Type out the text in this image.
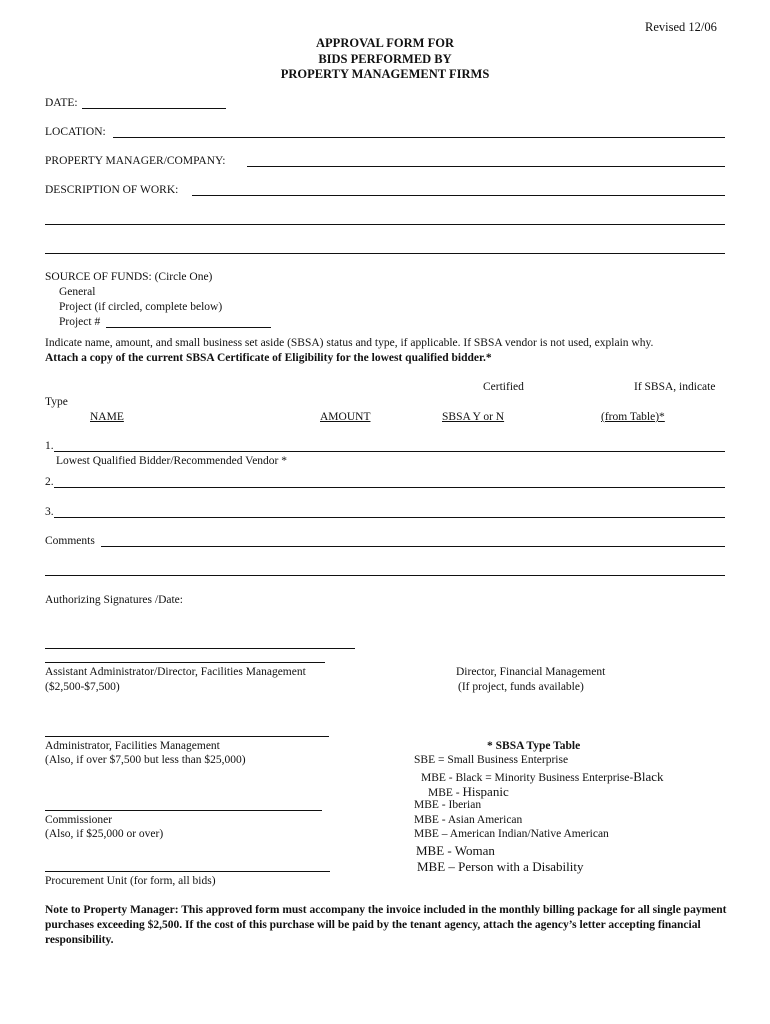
Revised 12/06
APPROVAL FORM FOR
BIDS PERFORMED BY
PROPERTY MANAGEMENT FIRMS
DATE:
LOCATION:
PROPERTY MANAGER/COMPANY:
DESCRIPTION OF WORK:
SOURCE OF FUNDS: (Circle One)
General
Project (if circled, complete below)
Project #
Indicate name, amount, and small business set aside (SBSA) status and type, if applicable. If SBSA vendor is not used, explain why.
Attach a copy of the current SBSA Certificate of Eligibility for the lowest qualified bidder.*
Certified	If SBSA, indicate
Type
NAME	AMOUNT	SBSA Y or N	(from Table)*
1.
Lowest Qualified Bidder/Recommended Vendor *
2.
3.
Comments
Authorizing Signatures /Date:
Assistant Administrator/Director, Facilities Management
($2,500-$7,500)
Director, Financial Management
(If project, funds available)
Administrator, Facilities Management
(Also, if over $7,500 but less than $25,000)
Commissioner
(Also, if $25,000 or over)
Procurement Unit (for form, all bids)
* SBSA Type Table
SBE = Small Business Enterprise
MBE - Black = Minority Business Enterprise-Black
MBE - Hispanic
MBE - Iberian
MBE - Asian American
MBE – American Indian/Native American
MBE - Woman
MBE – Person with a Disability
Note to Property Manager: This approved form must accompany the invoice included in the monthly billing package for all single payment purchases exceeding $2,500. If the cost of this purchase will be paid by the tenant agency, attach the agency’s letter accepting financial responsibility.
